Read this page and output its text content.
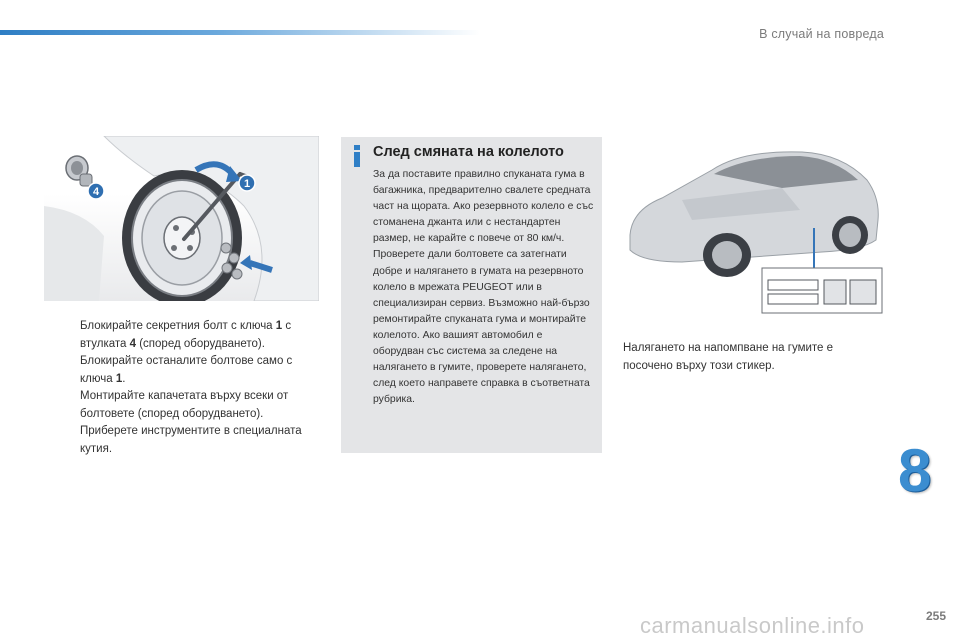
В случай на повреда
4
1
Блокирайте секретния болт с ключа 1 с втулката 4 (според оборудването).
Блокирайте останалите болтове само с ключа 1.
Монтирайте капачетата върху всеки от болтовете (според оборудването).
Приберете инструментите в специалната кутия.
След смяната на колелото

За да поставите правилно спуканата гума в багажника, предварително свалете средната част на щората. Ако резервното колело е със стоманена джанта или с нестандартен размер, не карайте с повече от 80 км/ч. Проверете дали болтовете са затегнати добре и налягането в гумата на резервното колело в мрежата PEUGEOT или в специализиран сервиз. Възможно най-бързо ремонтирайте спуканата гума и монтирайте колелото. Ако вашият автомобил е оборудван със система за следене на налягането в гумите, проверете налягането, след което направете справка в съответната рубрика.

Налягането на напомпване на гумите е посочено върху този стикер.

8
carmanualsonline.info	255
